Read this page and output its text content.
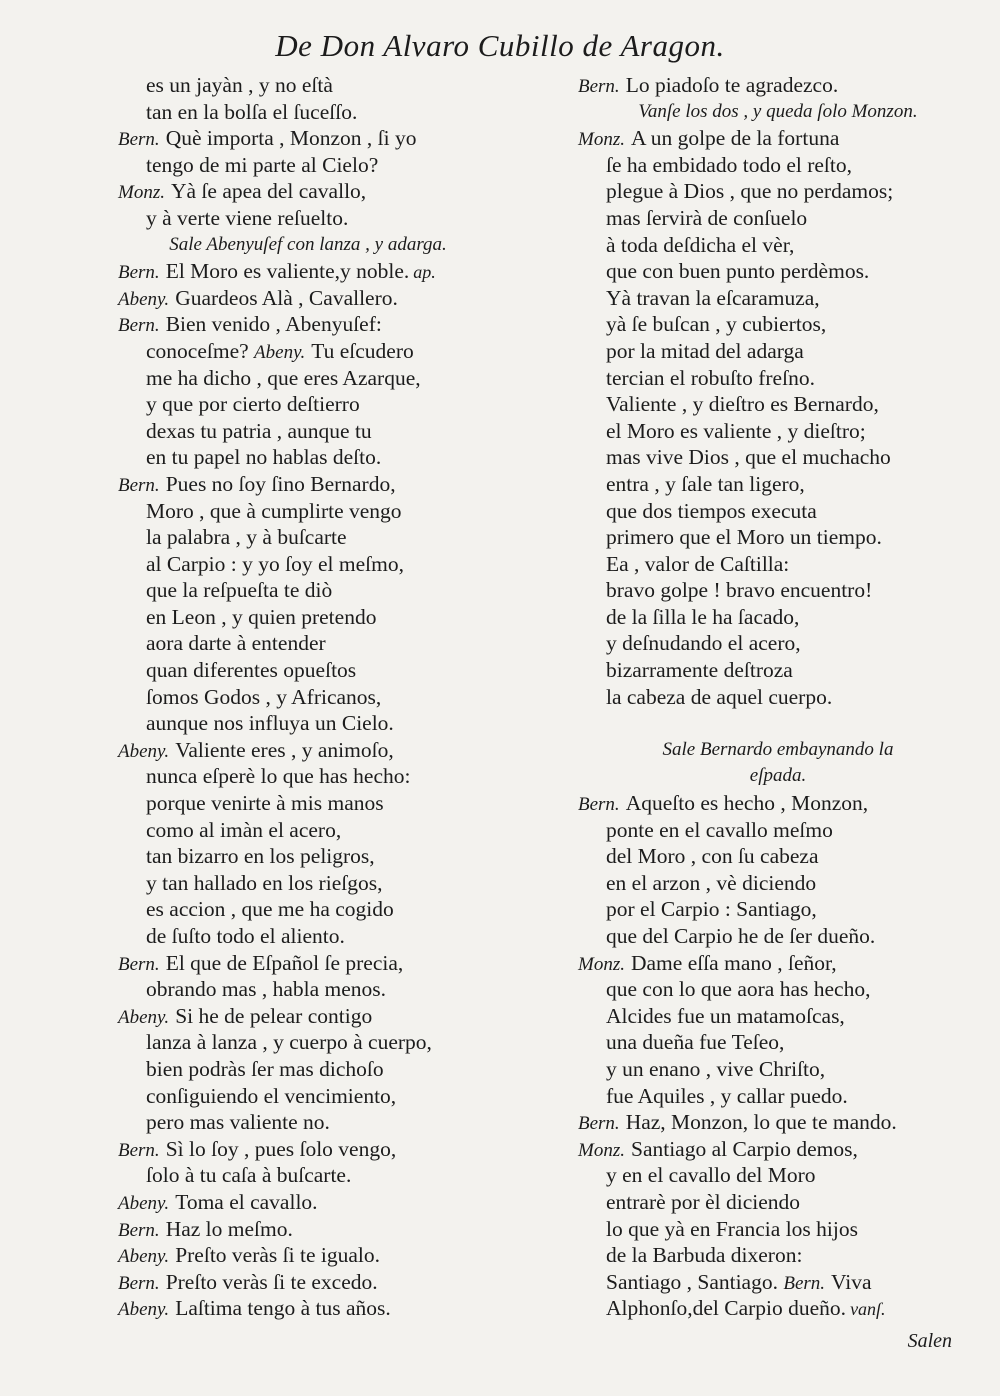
De Don Alvaro Cubillo de Aragon.
es un jayàn , y no eſtà
tan en la bolſa el ſuceſſo.
Bern. Què importa , Monzon , ſi yo
tengo de mi parte al Cielo?
Monz. Yà ſe apea del cavallo,
y à verte viene reſuelto.
Sale Abenyuſef con lanza , y adarga.
Bern. El Moro es valiente,y noble. ap.
Abeny. Guardeos Alà , Cavallero.
Bern. Bien venido , Abenyuſef:
conoceſme? Abeny. Tu eſcudero
me ha dicho , que eres Azarque,
y que por cierto deſtierro
dexas tu patria , aunque tu
en tu papel no hablas deſto.
Bern. Pues no ſoy ſino Bernardo,
Moro , que à cumplirte vengo
la palabra , y à buſcarte
al Carpio : y yo ſoy el meſmo,
que la reſpueſta te diò
en Leon , y quien pretendo
aora darte à entender
quan diferentes opueſtos
ſomos Godos , y Africanos,
aunque nos influya un Cielo.
Abeny. Valiente eres , y animoſo,
nunca eſperè lo que has hecho:
porque venirte à mis manos
como al imàn el acero,
tan bizarro en los peligros,
y tan hallado en los rieſgos,
es accion , que me ha cogido
de ſuſto todo el aliento.
Bern. El que de Eſpañol ſe precia,
obrando mas , habla menos.
Abeny. Si he de pelear contigo
lanza à lanza , y cuerpo à cuerpo,
bien podràs ſer mas dichoſo
conſiguiendo el vencimiento,
pero mas valiente no.
Bern. Sì lo ſoy , pues ſolo vengo,
ſolo à tu caſa à buſcarte.
Abeny. Toma el cavallo.
Bern. Haz lo meſmo.
Abeny. Preſto veràs ſi te igualo.
Bern. Preſto veràs ſi te excedo.
Abeny. Laſtima tengo à tus años.
Bern. Lo piadoſo te agradezco.
Vanſe los dos , y queda ſolo Monzon.
Monz. A un golpe de la fortuna
ſe ha embidado todo el reſto,
plegue à Dios , que no perdamos;
mas ſervirà de conſuelo
à toda deſdicha el vèr,
que con buen punto perdèmos.
Yà travan la eſcaramuza,
yà ſe buſcan , y cubiertos,
por la mitad del adarga
tercian el robuſto freſno.
Valiente , y dieſtro es Bernardo,
el Moro es valiente , y dieſtro;
mas vive Dios , que el muchacho
entra , y ſale tan ligero,
que dos tiempos executa
primero que el Moro un tiempo.
Ea , valor de Caſtilla:
bravo golpe ! bravo encuentro!
de la ſilla le ha ſacado,
y deſnudando el acero,
bizarramente deſtroza
la cabeza de aquel cuerpo.
Sale Bernardo embaynando la
eſpada.
Bern. Aqueſto es hecho , Monzon,
ponte en el cavallo meſmo
del Moro , con ſu cabeza
en el arzon , vè diciendo
por el Carpio : Santiago,
que del Carpio he de ſer dueño.
Monz. Dame eſſa mano , ſeñor,
que con lo que aora has hecho,
Alcides fue un matamoſcas,
una dueña fue Teſeo,
y un enano , vive Chriſto,
fue Aquiles , y callar puedo.
Bern. Haz, Monzon, lo que te mando.
Monz. Santiago al Carpio demos,
y en el cavallo del Moro
entrarè por èl diciendo
lo que yà en Francia los hijos
de la Barbuda dixeron:
Santiago , Santiago. Bern. Viva
Alphonſo,del Carpio dueño. vanſ.
Salen
